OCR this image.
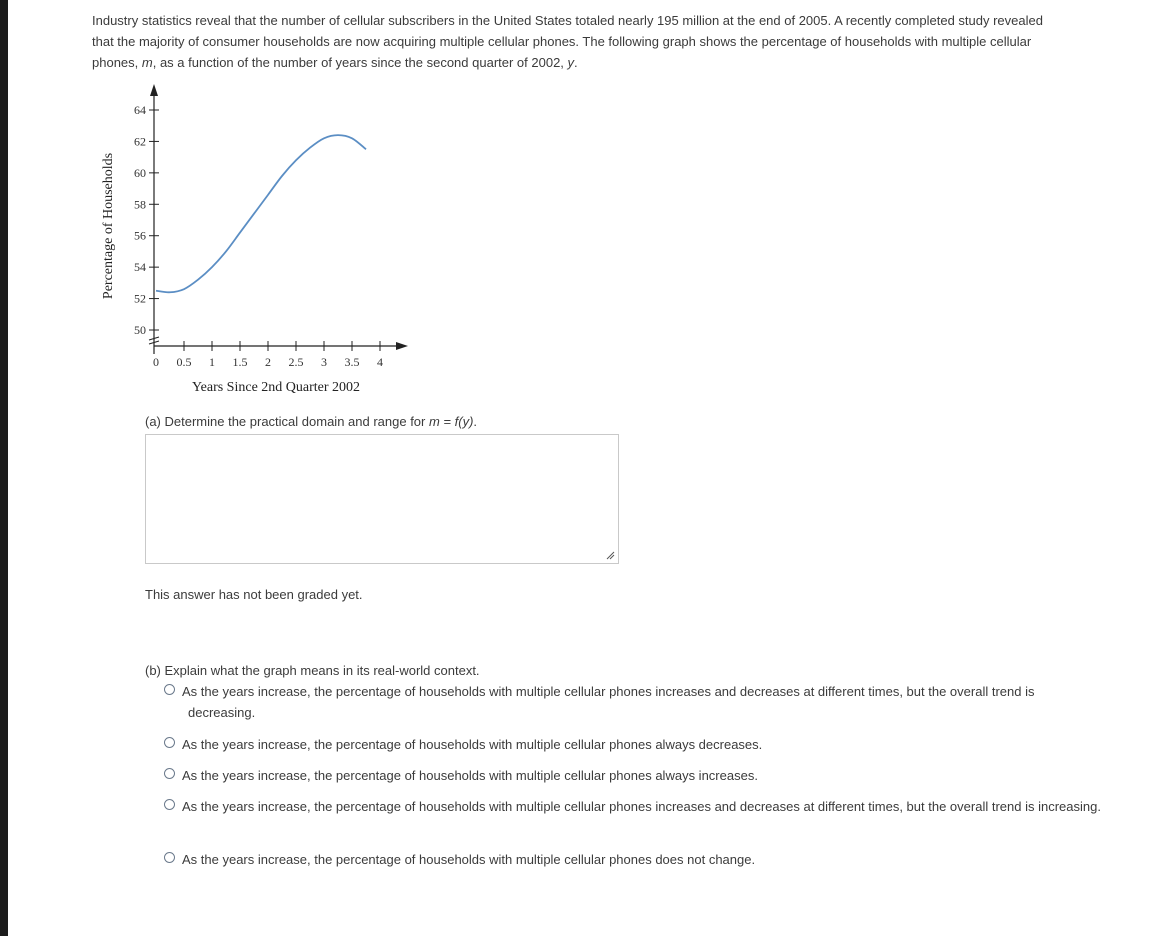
Industry statistics reveal that the number of cellular subscribers in the United States totaled nearly 195 million at the end of 2005. A recently completed study revealed
that the majority of consumer households are now acquiring multiple cellular phones. The following graph shows the percentage of households with multiple cellular
phones, m, as a function of the number of years since the second quarter of 2002, y.
50
52
54
56
58
60
62
64
0 0.5 1 1.5 2 2.5 3 3.5 4
Years Since 2nd Quarter 2002
Percentage of Households
(a) Determine the practical domain and range for m = f(y).
This answer has not been graded yet.
(b) Explain what the graph means in its real-world context.
As the years increase, the percentage of households with multiple cellular phones increases and decreases at different times, but the overall trend is decreasing.
As the years increase, the percentage of households with multiple cellular phones always decreases.
As the years increase, the percentage of households with multiple cellular phones always increases.
As the years increase, the percentage of households with multiple cellular phones increases and decreases at different times, but the overall trend is increasing.
As the years increase, the percentage of households with multiple cellular phones does not change.
